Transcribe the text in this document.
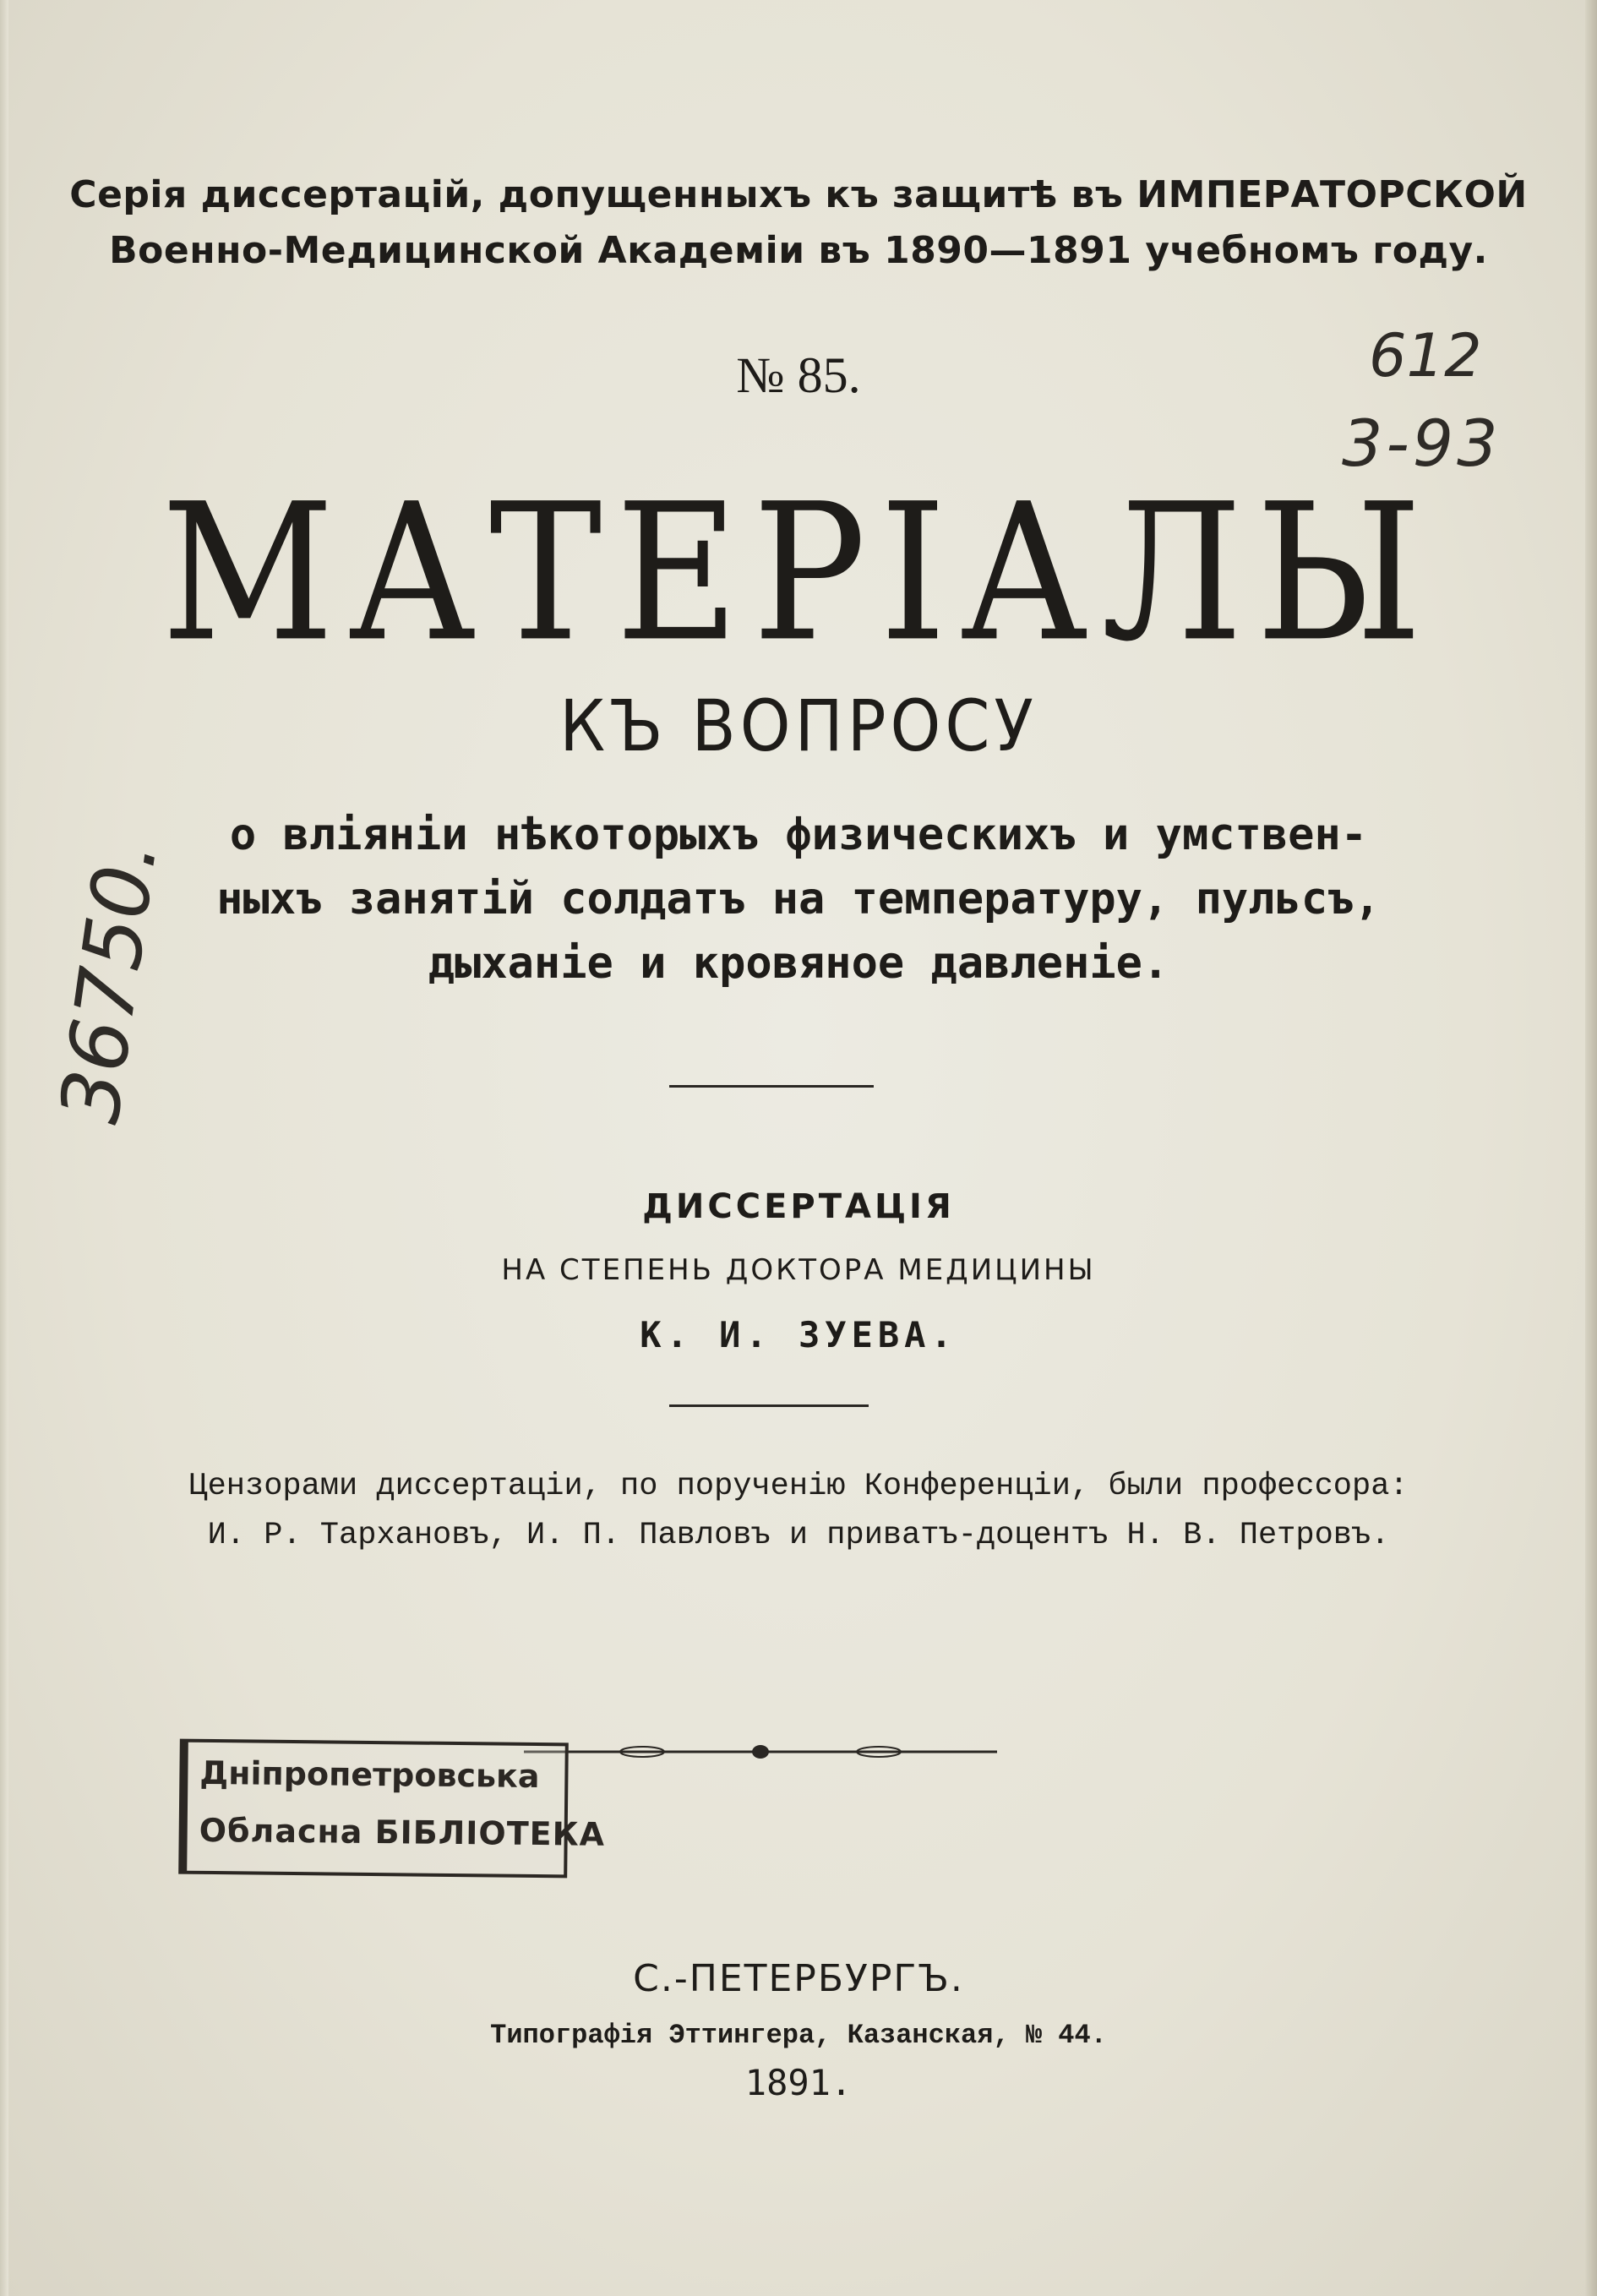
Серія диссертацій, допущенныхъ къ защитѣ въ ИМПЕРАТОРСКОЙ
Военно-Медицинской Академіи въ 1890—1891 учебномъ году.
№ 85.
МАТЕРІАЛЫ
КЪ ВОПРОСУ
о вліяніи нѣкоторыхъ физическихъ и умствен-
ныхъ занятій солдатъ на температуру, пульсъ,
дыханіе и кровяное давленіе.
ДИССЕРТАЦІЯ
НА СТЕПЕНЬ ДОКТОРА МЕДИЦИНЫ
К. И. ЗУЕВА.
Цензорами диссертаціи, по порученію Конференціи, были профессора:
И. Р. Тархановъ, И. П. Павловъ и приватъ-доцентъ Н. В. Петровъ.
Дніпропетровська
Обласна БІБЛІОТЕКА
С.-ПЕТЕРБУРГЪ.
Типографія Эттингера, Казанская, № 44.
1891.
612
3-93
36750.
